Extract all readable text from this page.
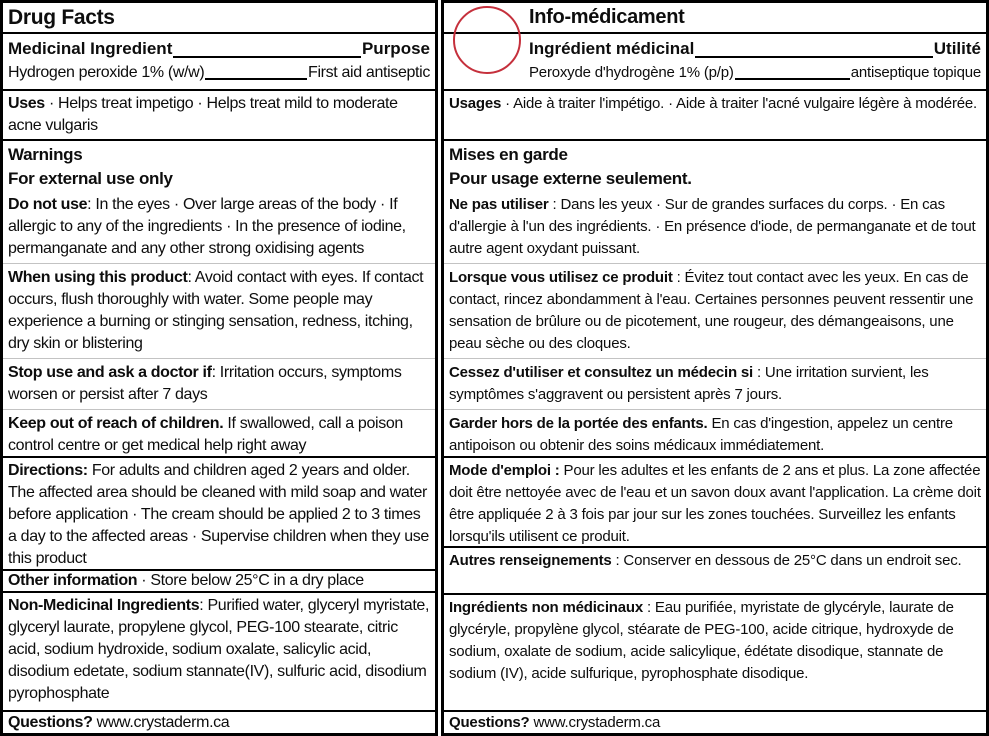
Drug Facts
Medicinal Ingredient	Purpose
Hydrogen peroxide 1% (w/w)	First aid antiseptic
Uses · Helps treat impetigo · Helps treat mild to moderate acne vulgaris
Warnings
For external use only
Do not use: In the eyes · Over large areas of the body · If allergic to any of the ingredients · In the presence of iodine, permanganate and any other strong oxidising agents
When using this product: Avoid contact with eyes. If contact occurs, flush thoroughly with water. Some people may experience a burning or stinging sensation, redness, itching, dry skin or blistering
Stop use and ask a doctor if: Irritation occurs, symptoms worsen or persist after 7 days
Keep out of reach of children. If swallowed, call a poison control centre or get medical help right away
Directions: For adults and children aged 2 years and older. The affected area should be cleaned with mild soap and water before application · The cream should be applied 2 to 3 times a day to the affected areas · Supervise children when they use this product
Other information · Store below 25°C in a dry place
Non-Medicinal Ingredients: Purified water, glyceryl myristate, glyceryl laurate, propylene glycol, PEG-100 stearate, citric acid, sodium hydroxide, sodium oxalate, salicylic acid, disodium edetate, sodium stannate(IV), sulfuric acid, disodium pyrophosphate
Questions? www.crystaderm.ca
Info-médicament
Ingrédient médicinal	Utilité
Peroxyde d'hydrogène 1% (p/p)	antiseptique topique
Usages · Aide à traiter l'impétigo. · Aide à traiter l'acné vulgaire légère à modérée.
Mises en garde
Pour usage externe seulement.
Ne pas utiliser : Dans les yeux · Sur de grandes surfaces du corps. · En cas d'allergie à l'un des ingrédients. · En présence d'iode, de permanganate et de tout autre agent oxydant puissant.
Lorsque vous utilisez ce produit : Évitez tout contact avec les yeux. En cas de contact, rincez abondamment à l'eau. Certaines personnes peuvent ressentir une sensation de brûlure ou de picotement, une rougeur, des démangeaisons, une peau sèche ou des cloques.
Cessez d'utiliser et consultez un médecin si : Une irritation survient, les symptômes s'aggravent ou persistent après 7 jours.
Garder hors de la portée des enfants. En cas d'ingestion, appelez un centre antipoison ou obtenir des soins médicaux immédiatement.
Mode d'emploi : Pour les adultes et les enfants de 2 ans et plus. La zone affectée doit être nettoyée avec de l'eau et un savon doux avant l'application. La crème doit être appliquée 2 à 3 fois par jour sur les zones touchées. Surveillez les enfants lorsqu'ils utilisent ce produit.
Autres renseignements : Conserver en dessous de 25°C dans un endroit sec.
Ingrédients non médicinaux : Eau purifiée, myristate de glycéryle, laurate de glycéryle, propylène glycol, stéarate de PEG-100, acide citrique, hydroxyde de sodium, oxalate de sodium, acide salicylique, édétate disodique, stannate de sodium (IV), acide sulfurique, pyrophosphate disodique.
Questions? www.crystaderm.ca
